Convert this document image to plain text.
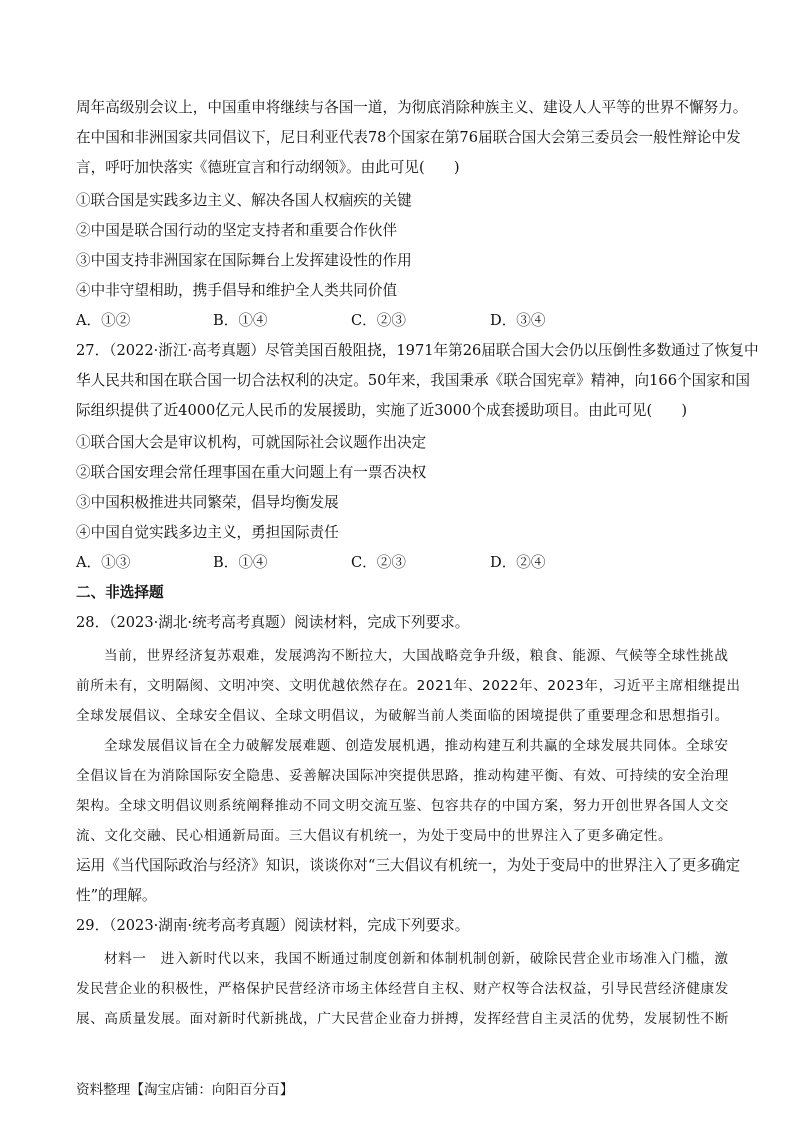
周年高级别会议上，中国重申将继续与各国一道，为彻底消除种族主义、建设人人平等的世界不懈努力。
在中国和非洲国家共同倡议下，尼日利亚代表78个国家在第76届联合国大会第三委员会一般性辩论中发
言，呼吁加快落实《德班宣言和行动纲领》。由此可见(　　)
①联合国是实践多边主义、解决各国人权痼疾的关键
②中国是联合国行动的坚定支持者和重要合作伙伴
③中国支持非洲国家在国际舞台上发挥建设性的作用
④中非守望相助，携手倡导和维护全人类共同价值
A．①②	B．①④	C．②③	D．③④
27．（2022·浙江·高考真题）尽管美国百般阻挠，1971年第26届联合国大会仍以压倒性多数通过了恢复中
华人民共和国在联合国一切合法权利的决定。50年来，我国秉承《联合国宪章》精神，向166个国家和国
际组织提供了近4000亿元人民币的发展援助，实施了近3000个成套援助项目。由此可见(　　)
①联合国大会是审议机构，可就国际社会议题作出决定
②联合国安理会常任理事国在重大问题上有一票否决权
③中国积极推进共同繁荣，倡导均衡发展
④中国自觉实践多边主义，勇担国际责任
A．①③	B．①④	C．②③	D．②④
二、非选择题
28．（2023·湖北·统考高考真题）阅读材料，完成下列要求。
当前，世界经济复苏艰难，发展鸿沟不断拉大，大国战略竞争升级，粮食、能源、气候等全球性挑战
前所未有，文明隔阂、文明冲突、文明优越依然存在。2021年、2022年、2023年，习近平主席相继提出
全球发展倡议、全球安全倡议、全球文明倡议，为破解当前人类面临的困境提供了重要理念和思想指引。
全球发展倡议旨在全力破解发展难题、创造发展机遇，推动构建互利共赢的全球发展共同体。全球安
全倡议旨在为消除国际安全隐患、妥善解决国际冲突提供思路，推动构建平衡、有效、可持续的安全治理
架构。全球文明倡议则系统阐释推动不同文明交流互鉴、包容共存的中国方案，努力开创世界各国人文交
流、文化交融、民心相通新局面。三大倡议有机统一，为处于变局中的世界注入了更多确定性。
运用《当代国际政治与经济》知识，谈谈你对“三大倡议有机统一，为处于变局中的世界注入了更多确定
性”的理解。
29．（2023·湖南·统考高考真题）阅读材料，完成下列要求。
材料一　进入新时代以来，我国不断通过制度创新和体制机制创新，破除民营企业市场准入门槛，激
发民营企业的积极性，严格保护民营经济市场主体经营自主权、财产权等合法权益，引导民营经济健康发
展、高质量发展。面对新时代新挑战，广大民营企业奋力拼搏，发挥经营自主灵活的优势，发展韧性不断
资料整理【淘宝店铺：向阳百分百】
